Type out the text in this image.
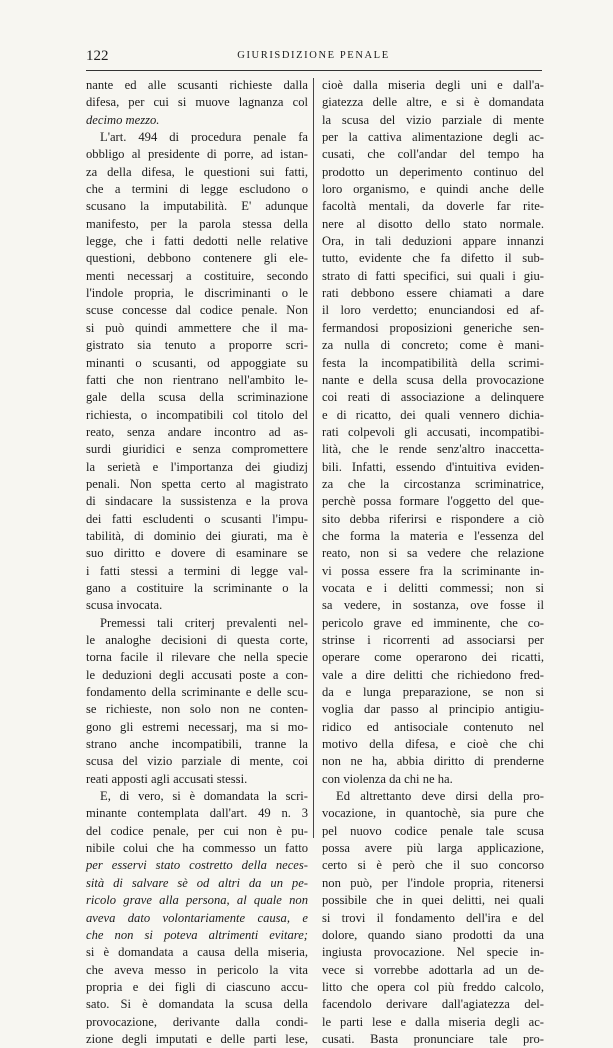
122	GIURISDIZIONE PENALE
nante ed alle scusanti richieste dalla
difesa, per cui si muove lagnanza col
decimo mezzo.
L'art. 494 di procedura penale fa
obbligo al presidente di porre, ad istan-
za della difesa, le questioni sui fatti,
che a termini di legge escludono o
scusano la imputabilità. E' adunque
manifesto, per la parola stessa della
legge, che i fatti dedotti nelle relative
questioni, debbono contenere gli ele-
menti necessarj a costituire, secondo
l'indole propria, le discriminanti o le
scuse concesse dal codice penale. Non
si può quindi ammettere che il ma-
gistrato sia tenuto a proporre scri-
minanti o scusanti, od appoggiate su
fatti che non rientrano nell'ambito le-
gale della scusa della scriminazione
richiesta, o incompatibili col titolo del
reato, senza andare incontro ad as-
surdi giuridici e senza compromettere
la serietà e l'importanza dei giudizj
penali. Non spetta certo al magistrato
di sindacare la sussistenza e la prova
dei fatti escludenti o scusanti l'impu-
tabilità, di dominio dei giurati, ma è
suo diritto e dovere di esaminare se
i fatti stessi a termini di legge val-
gano a costituire la scriminante o la
scusa invocata.
Premessi tali criterj prevalenti nel-
le analoghe decisioni di questa corte,
torna facile il rilevare che nella specie
le deduzioni degli accusati poste a con-
fondamento della scriminante e delle scu-
se richieste, non solo non ne conten-
gono gli estremi necessarj, ma si mo-
strano anche incompatibili, tranne la
scusa del vizio parziale di mente, coi
reati apposti agli accusati stessi.
E, di vero, si è domandata la scri-
minante contemplata dall'art. 49 n. 3
del codice penale, per cui non è pu-
nibile colui che ha commesso un fatto
per esservi stato costretto della neces-
sità di salvare sè od altri da un pe-
ricolo grave alla persona, al quale non
aveva dato volontariamente causa, e
che non si poteva altrimenti evitare;
si è domandata a causa della miseria,
che aveva messo in pericolo la vita
propria e dei figli di ciascuno accu-
sato. Si è domandata la scusa della
provocazione, derivante dalla condi-
zione degli imputati e delle parti lese,
cioè dalla miseria degli uni e dall'a-
giatezza delle altre, e si è domandata
la scusa del vizio parziale di mente
per la cattiva alimentazione degli ac-
cusati, che coll'andar del tempo ha
prodotto un deperimento continuo del
loro organismo, e quindi anche delle
facoltà mentali, da doverle far rite-
nere al disotto dello stato normale.
Ora, in tali deduzioni appare innanzi
tutto, evidente che fa difetto il sub-
strato di fatti specifici, sui quali i giu-
rati debbono essere chiamati a dare
il loro verdetto; enunciandosi ed af-
fermandosi proposizioni generiche sen-
za nulla di concreto; come è mani-
festa la incompatibilità della scrimi-
nante e della scusa della provocazione
coi reati di associazione a delinquere
e di ricatto, dei quali vennero dichia-
rati colpevoli gli accusati, incompatibi-
lità, che le rende senz'altro inaccetta-
bili. Infatti, essendo d'intuitiva eviden-
za che la circostanza scriminatrice,
perchè possa formare l'oggetto del que-
sito debba riferirsi e rispondere a ciò
che forma la materia e l'essenza del
reato, non si sa vedere che relazione
vi possa essere fra la scriminante in-
vocata e i delitti commessi; non si
sa vedere, in sostanza, ove fosse il
pericolo grave ed imminente, che co-
strinse i ricorrenti ad associarsi per
operare come operarono dei ricatti,
vale a dire delitti che richiedono fred-
da e lunga preparazione, se non si
voglia dar passo al principio antigiu-
ridico ed antisociale contenuto nel
motivo della difesa, e cioè che chi
non ne ha, abbia diritto di prenderne
con violenza da chi ne ha.
Ed altrettanto deve dirsi della pro-
vocazione, in quantochè, sia pure che
pel nuovo codice penale tale scusa
possa avere più larga applicazione,
certo si è però che il suo concorso
non può, per l'indole propria, ritenersi
possibile che in quei delitti, nei quali
si trovi il fondamento dell'ira e del
dolore, quando siano prodotti da una
ingiusta provocazione. Nel specie in-
vece si vorrebbe adottarla ad un de-
litto che opera col più freddo calcolo,
facendolo derivare dall'agiatezza del-
le parti lese e dalla miseria degli ac-
cusati. Basta pronunciare tale pro-
